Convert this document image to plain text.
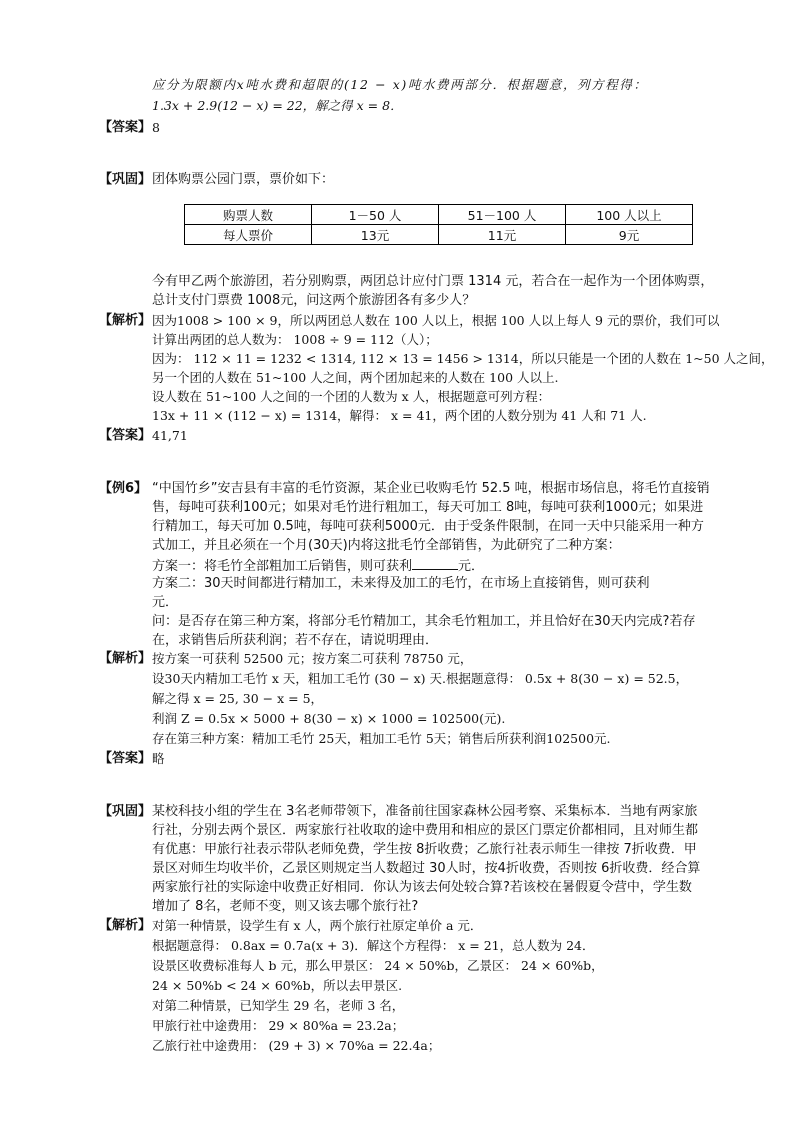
应分为限额内x吨水费和超限的(12 − x)吨水费两部分．根据题意，列方程得：
1.3x + 2.9(12 − x) = 22，解之得 x = 8．
【答案】 8
【巩固】 团体购票公园门票，票价如下：
购票人数	1－50 人	51－100 人	100 人以上
每人票价	13元	11元	9元
今有甲乙两个旅游团，若分别购票，两团总计应付门票 1314 元，若合在一起作为一个团体购票，
总计支付门票费 1008元，问这两个旅游团各有多少人？
【解析】 因为1008 > 100 × 9，所以两团总人数在 100 人以上，根据 100 人以上每人 9 元的票价，我们可以
计算出两团的总人数为： 1008 ÷ 9 = 112（人）；
因为： 112 × 11 = 1232 < 1314, 112 × 13 = 1456 > 1314，所以只能是一个团的人数在 1~50 人之间，
另一个团的人数在 51~100 人之间，两个团加起来的人数在 100 人以上.
设人数在 51~100 人之间的一个团的人数为 x 人，根据题意可列方程：
13x + 11 × (112 − x) = 1314，解得： x = 41，两个团的人数分别为 41 人和 71 人.
【答案】 41,71
【例6】 “中国竹乡”安吉县有丰富的毛竹资源，某企业已收购毛竹 52.5 吨，根据市场信息，将毛竹直接销
售，每吨可获利100元；如果对毛竹进行粗加工，每天可加工 8吨，每吨可获利1000元；如果进
行精加工，每天可加 0.5吨，每吨可获利5000元．由于受条件限制，在同一天中只能采用一种方
式加工，并且必须在一个月(30天)内将这批毛竹全部销售，为此研究了二种方案：
方案一：将毛竹全部粗加工后销售，则可获利	元．
方案二：30天时间都进行精加工，未来得及加工的毛竹，在市场上直接销售，则可获利
元．
问：是否存在第三种方案，将部分毛竹精加工，其余毛竹粗加工，并且恰好在30天内完成?若存
在，求销售后所获利润；若不存在，请说明理由．
【解析】 按方案一可获利 52500 元；按方案二可获利 78750 元，
设30天内精加工毛竹 x 天，粗加工毛竹 (30 − x) 天.根据题意得： 0.5x + 8(30 − x) = 52.5，
解之得 x = 25, 30 − x = 5，
利润 Z = 0.5x × 5000 + 8(30 − x) × 1000 = 102500(元).
存在第三种方案：精加工毛竹 25天，粗加工毛竹 5天；销售后所获利润102500元.
【答案】 略
【巩固】 某校科技小组的学生在 3名老师带领下，准备前往国家森林公园考察、采集标本．当地有两家旅
行社，分别去两个景区．两家旅行社收取的途中费用和相应的景区门票定价都相同，且对师生都
有优惠：甲旅行社表示带队老师免费，学生按 8折收费；乙旅行社表示师生一律按 7折收费．甲
景区对师生均收半价，乙景区则规定当人数超过 30人时，按4折收费，否则按 6折收费．经合算
两家旅行社的实际途中收费正好相同．你认为该去何处较合算?若该校在暑假夏令营中，学生数
增加了 8名，老师不变，则又该去哪个旅行社?
【解析】 对第一种情景，设学生有 x 人，两个旅行社原定单价 a 元．
根据题意得： 0.8ax = 0.7a(x + 3)．解这个方程得： x = 21，总人数为 24．
设景区收费标准每人 b 元，那么甲景区： 24 × 50%b，乙景区： 24 × 60%b，
24 × 50%b < 24 × 60%b，所以去甲景区.
对第二种情景，已知学生 29 名，老师 3 名，
甲旅行社中途费用： 29 × 80%a = 23.2a；
乙旅行社中途费用： (29 + 3) × 70%a = 22.4a；
